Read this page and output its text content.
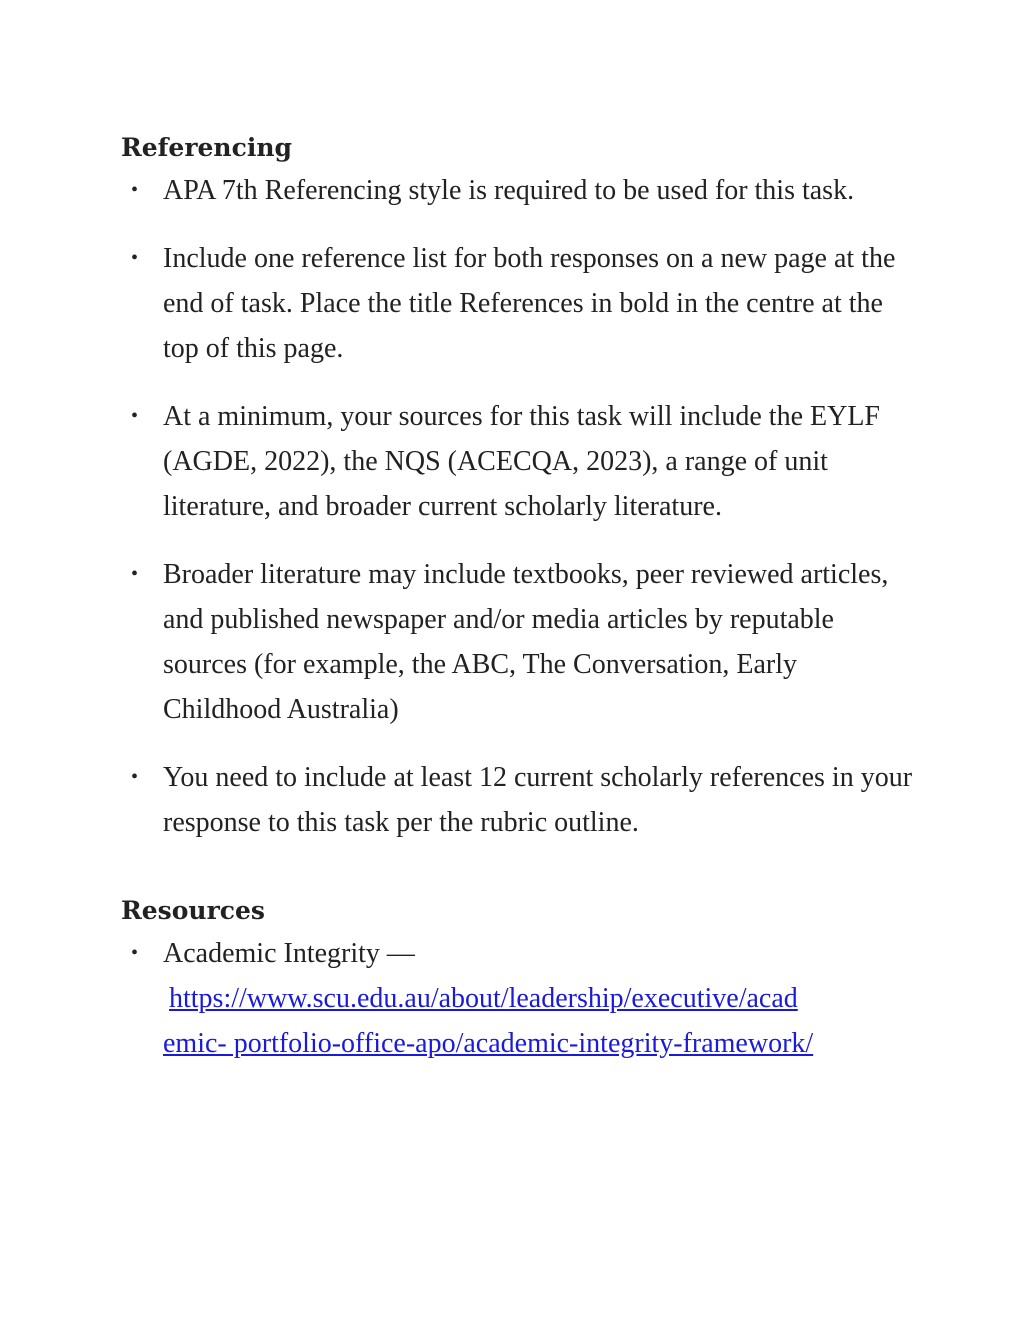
Referencing
• APA 7th Referencing style is required to be used for this task.
• Include one reference list for both responses on a new page at the end of task. Place the title References in bold in the centre at the top of this page.
• At a minimum, your sources for this task will include the EYLF (AGDE, 2022), the NQS (ACECQA, 2023), a range of unit literature, and broader current scholarly literature.
• Broader literature may include textbooks, peer reviewed articles, and published newspaper and/or media articles by reputable sources (for example, the ABC, The Conversation, Early Childhood Australia)
• You need to include at least 12 current scholarly references in your response to this task per the rubric outline.
Resources
• Academic Integrity —
https://www.scu.edu.au/about/leadership/executive/acad
emic- portfolio-office-apo/academic-integrity-framework/
